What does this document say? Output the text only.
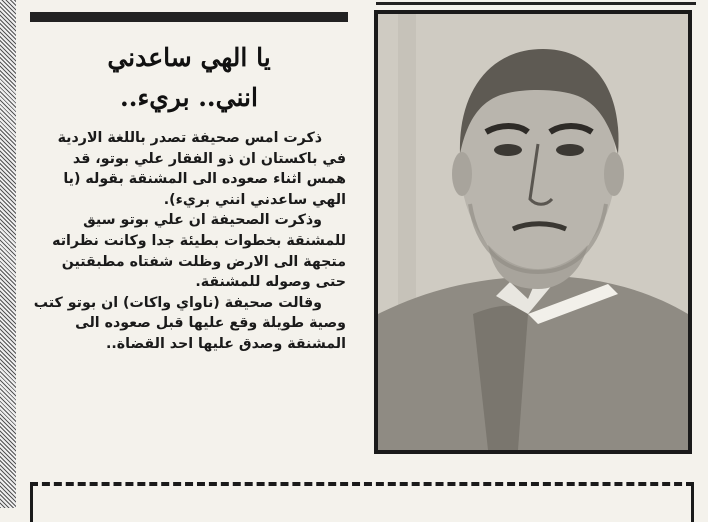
يا الهي ساعدني
انني.. بريء..

ذكرت امس صحيفة تصدر باللغة الاردية في باكستان ان ذو الفقار علي بوتو، قد همس اثناء صعوده الى المشنقة بقوله (يا الهي ساعدني انني بريء).

وذكرت الصحيفة ان علي بوتو سيق للمشنقة بخطوات بطيئة جدا وكانت نظراته متجهة الى الارض وظلت شفتاه مطبقتين حتى وصوله للمشنقة.

وقالت صحيفة (ناواي واكات) ان بوتو كتب وصية طويلة وقع عليها قبل صعوده الى المشنقة وصدق عليها احد القضاة..
